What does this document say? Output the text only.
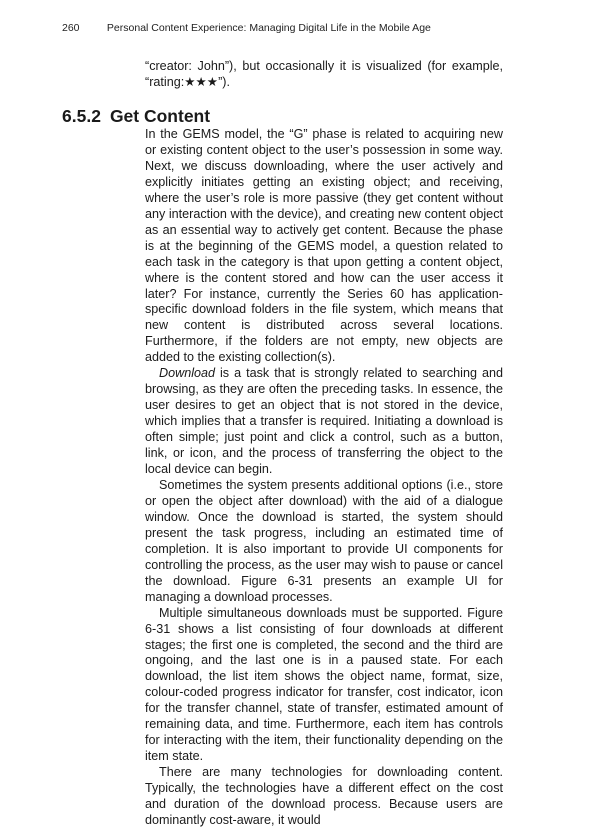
260	Personal Content Experience: Managing Digital Life in the Mobile Age

“creator: John”), but occasionally it is visualized (for example, “rating:★★★”).

6.5.2 Get Content

In the GEMS model, the “G” phase is related to acquiring new or existing content object to the user’s possession in some way. Next, we discuss downloading, where the user actively and explicitly initiates getting an existing object; and receiving, where the user’s role is more passive (they get content without any interaction with the device), and creating new content object as an essential way to actively get content. Because the phase is at the beginning of the GEMS model, a question related to each task in the category is that upon getting a content object, where is the content stored and how can the user access it later? For instance, currently the Series 60 has application-specific download folders in the file system, which means that new content is distributed across several locations. Furthermore, if the folders are not empty, new objects are added to the existing collection(s).

Download is a task that is strongly related to searching and browsing, as they are often the preceding tasks. In essence, the user desires to get an object that is not stored in the device, which implies that a transfer is required. Initiating a download is often simple; just point and click a control, such as a button, link, or icon, and the process of transferring the object to the local device can begin.

Sometimes the system presents additional options (i.e., store or open the object after download) with the aid of a dialogue window. Once the download is started, the system should present the task progress, including an estimated time of completion. It is also important to provide UI components for controlling the process, as the user may wish to pause or cancel the download. Figure 6-31 presents an example UI for managing a download processes.

Multiple simultaneous downloads must be supported. Figure 6-31 shows a list consisting of four downloads at different stages; the first one is completed, the second and the third are ongoing, and the last one is in a paused state. For each download, the list item shows the object name, format, size, colour-coded progress indicator for transfer, cost indicator, icon for the transfer channel, state of transfer, estimated amount of remaining data, and time. Furthermore, each item has controls for interacting with the item, their functionality depending on the item state.

There are many technologies for downloading content. Typically, the technologies have a different effect on the cost and duration of the download process. Because users are dominantly cost-aware, it would
